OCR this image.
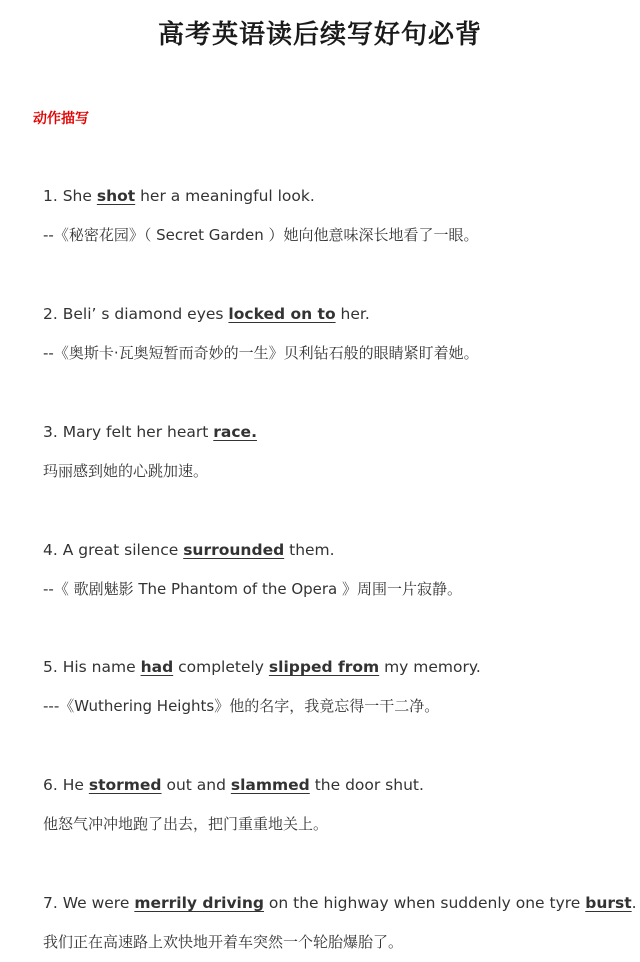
高考英语读后续写好句必背
动作描写
1. She shot her a meaningful look.
--《秘密花园》（ Secret Garden ）她向他意味深长地看了一眼。
2. Beli’ s diamond eyes locked on to her.
--《奥斯卡·瓦奥短暂而奇妙的一生》贝利钻石般的眼睛紧盯着她。
3. Mary felt her heart race.
玛丽感到她的心跳加速。
4. A great silence surrounded them.
--《 歌剧魅影 The Phantom of the Opera 》周围一片寂静。
5. His name had completely slipped from my memory.
---《Wuthering Heights》他的名字，我竟忘得一干二净。
6. He stormed out and slammed the door shut.
他怒气冲冲地跑了出去，把门重重地关上。
7. We were merrily driving on the highway when suddenly one tyre burst.
我们正在高速路上欢快地开着车突然一个轮胎爆胎了。
